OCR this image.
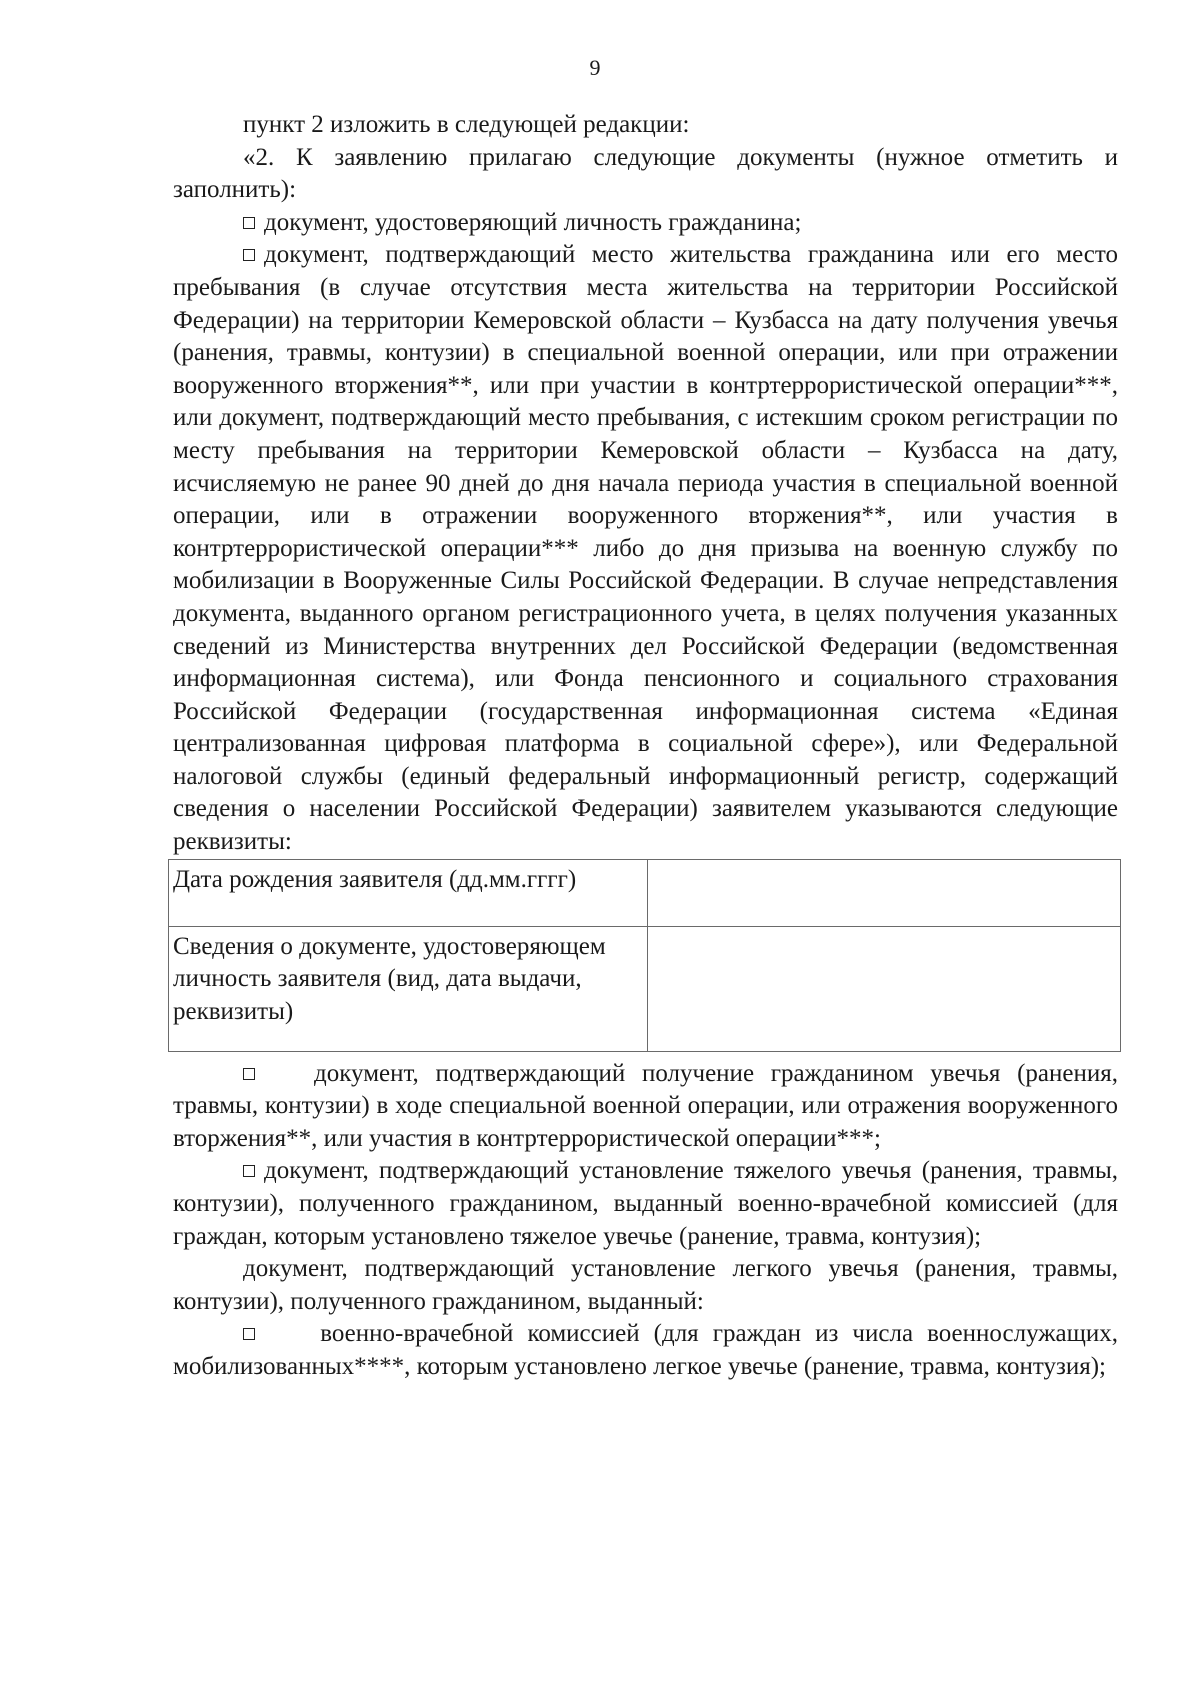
9

пункт 2 изложить в следующей редакции:

«2. К заявлению прилагаю следующие документы (нужное отметить и заполнить):

документ, удостоверяющий личность гражданина;

документ, подтверждающий место жительства гражданина или его место пребывания (в случае отсутствия места жительства на территории Российской Федерации) на территории Кемеровской области – Кузбасса на дату получения увечья (ранения, травмы, контузии) в специальной военной операции, или при отражении вооруженного вторжения**, или при участии в контртеррористической операции***, или документ, подтверждающий место пребывания, с истекшим сроком регистрации по месту пребывания на территории Кемеровской области – Кузбасса на дату, исчисляемую не ранее 90 дней до дня начала периода участия в специальной военной операции, или в отражении вооруженного вторжения**, или участия в контртеррористической операции*** либо до дня призыва на военную службу по мобилизации в Вооруженные Силы Российской Федерации. В случае непредставления документа, выданного органом регистрационного учета, в целях получения указанных сведений из Министерства внутренних дел Российской Федерации (ведомственная информационная система), или Фонда пенсионного и социального страхования Российской Федерации (государственная информационная система «Единая централизованная цифровая платформа в социальной сфере»), или Федеральной налоговой службы (единый федеральный информационный регистр, содержащий сведения о населении Российской Федерации) заявителем указываются следующие реквизиты:

Дата рождения заявителя (дд.мм.гггг)	
Сведения о документе, удостоверяющем личность заявителя (вид, дата выдачи, реквизиты)	

документ, подтверждающий получение гражданином увечья (ранения, травмы, контузии) в ходе специальной военной операции, или отражения вооруженного вторжения**, или участия в контртеррористической операции***;

документ, подтверждающий установление тяжелого увечья (ранения, травмы, контузии), полученного гражданином, выданный военно-врачебной комиссией (для граждан, которым установлено тяжелое увечье (ранение, травма, контузия);

документ, подтверждающий установление легкого увечья (ранения, травмы, контузии), полученного гражданином, выданный:

военно-врачебной комиссией (для граждан из числа военнослужащих, мобилизованных****, которым установлено легкое увечье (ранение, травма, контузия);
